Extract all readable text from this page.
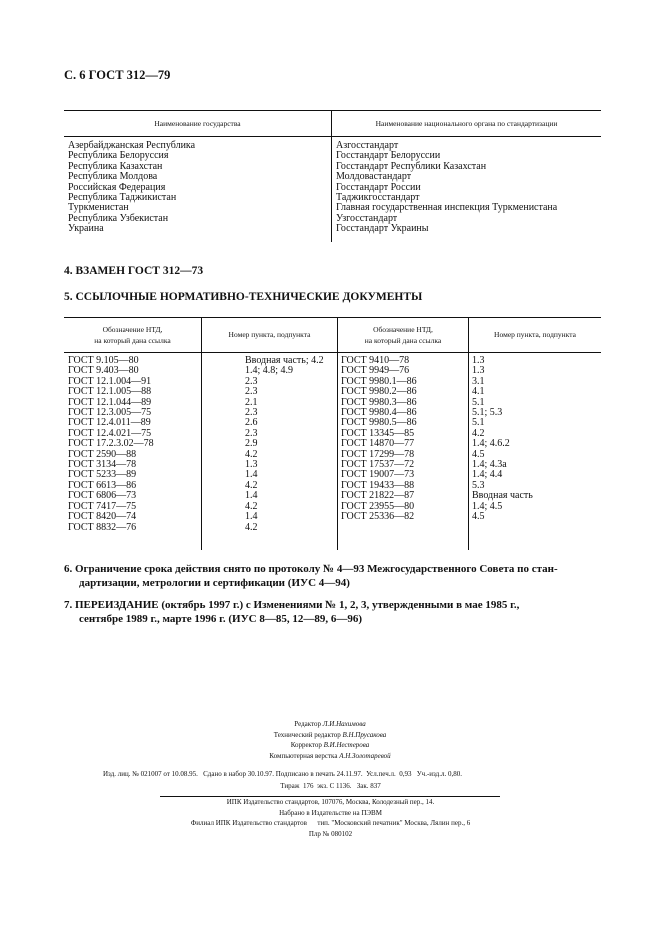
С. 6 ГОСТ 312—79
Наименование государства	Наименование национального органа по стандартизации
Азербайджанская Республика
Республика Белоруссия
Республика Казахстан
Республика Молдова
Российская Федерация
Республика Таджикистан
Туркменистан
Республика Узбекистан
Украина
Азгосстандарт
Госстандарт Белоруссии
Госстандарт Республики Казахстан
Молдовастандарт
Госстандарт России
Таджикгосстандарт
Главная государственная инспекция Туркменистана
Узгосстандарт
Госстандарт Украины
4. ВЗАМЕН ГОСТ 312—73
5. ССЫЛОЧНЫЕ НОРМАТИВНО-ТЕХНИЧЕСКИЕ ДОКУМЕНТЫ
Обозначение НТД,
на который дана ссылка
Номер пункта, подпункта
Обозначение НТД,
на который дана ссылка
Номер пункта, подпункта
ГОСТ 9.105—80
ГОСТ 9.403—80
ГОСТ 12.1.004—91
ГОСТ 12.1.005—88
ГОСТ 12.1.044—89
ГОСТ 12.3.005—75
ГОСТ 12.4.011—89
ГОСТ 12.4.021—75
ГОСТ 17.2.3.02—78
ГОСТ 2590—88
ГОСТ 3134—78
ГОСТ 5233—89
ГОСТ 6613—86
ГОСТ 6806—73
ГОСТ 7417—75
ГОСТ 8420—74
ГОСТ 8832—76
Вводная часть; 4.2
1.4; 4.8; 4.9
2.3
2.3
2.1
2.3
2.6
2.3
2.9
4.2
1.3
1.4
4.2
1.4
4.2
1.4
4.2
ГОСТ 9410—78
ГОСТ 9949—76
ГОСТ 9980.1—86
ГОСТ 9980.2—86
ГОСТ 9980.3—86
ГОСТ 9980.4—86
ГОСТ 9980.5—86
ГОСТ 13345—85
ГОСТ 14870—77
ГОСТ 17299—78
ГОСТ 17537—72
ГОСТ 19007—73
ГОСТ 19433—88
ГОСТ 21822—87
ГОСТ 23955—80
ГОСТ 25336—82
1.3
1.3
3.1
4.1
5.1
5.1; 5.3
5.1
4.2
1.4; 4.6.2
4.5
1.4; 4.3а
1.4; 4.4
5.3
Вводная часть
1.4; 4.5
4.5
6. Ограничение срока действия снято по протоколу № 4—93 Межгосударственного Совета по стан-
дартизации, метрологии и сертификации (ИУС 4—94)
7. ПЕРЕИЗДАНИЕ (октябрь 1997 г.) с Изменениями № 1, 2, 3, утвержденными в мае 1985 г.,
сентябре 1989 г., марте 1996 г. (ИУС 8—85, 12—89, 6—96)
Редактор Л.И.Нахимова
Технический редактор В.Н.Прусакова
Корректор В.И.Нестерова
Компьютерная верстка А.Н.Золотаревой
Изд. лиц. № 021007 от 10.08.95.   Сдано в набор 30.10.97. Подписано в печать 24.11.97.  Усл.печ.л.  0,93   Уч.-изд.л. 0,80.
Тираж  176  экз. С 1136.   Зак. 837
ИПК Издательство стандартов, 107076, Москва, Колодезный пер., 14.
Набрано в Издательстве на ПЭВМ
Филиал ИПК Издательство стандартов      тип. "Московский печатник" Москва, Лялин пер., 6
Плр № 080102
